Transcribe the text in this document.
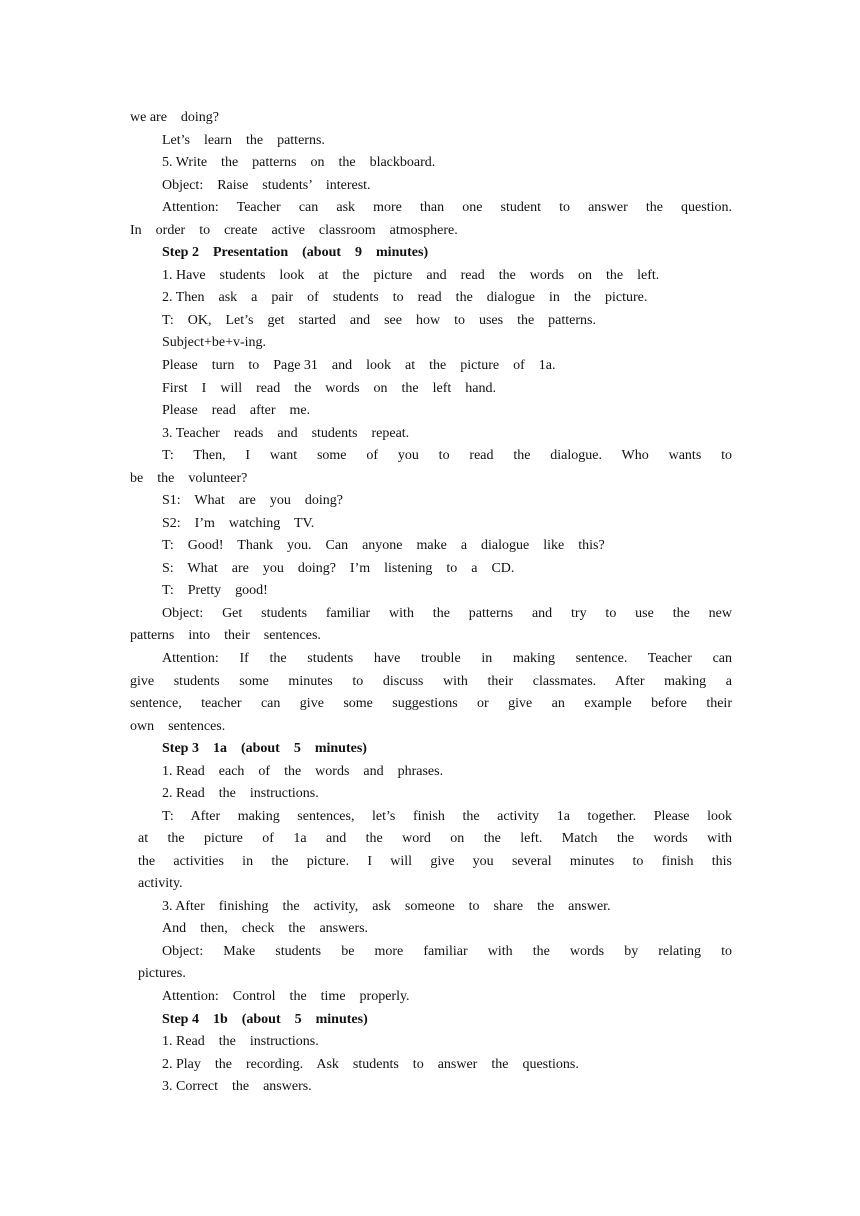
we are    doing?
Let’s    learn    the    patterns.
5. Write    the    patterns    on    the    blackboard.
Object:    Raise    students’    interest.
Attention: Teacher can ask more than one student to answer the question.
In    order    to    create    active    classroom    atmosphere.
Step 2    Presentation    (about    9    minutes)
1. Have    students    look    at    the    picture    and    read    the    words    on    the    left.
2. Then    ask    a    pair    of    students    to    read    the    dialogue    in    the    picture.
T:    OK,    Let’s    get    started    and    see    how    to    uses    the    patterns.
Subject+be+v-ing.
Please    turn    to    Page 31    and    look    at    the    picture    of    1a.
First    I    will    read    the    words    on    the    left    hand.
Please    read    after    me.
3. Teacher    reads    and    students    repeat.
T: Then, I want some of you to read the dialogue. Who wants to
be    the    volunteer?
S1:    What    are    you    doing?
S2:    I’m    watching    TV.
T:    Good!    Thank    you.    Can    anyone    make    a    dialogue    like    this?
S:    What    are    you    doing?    I’m    listening    to    a    CD.
T:    Pretty    good!
Object: Get students familiar with the patterns and try to use the new
patterns    into    their    sentences.
Attention: If the students have trouble in making sentence. Teacher can
give students some minutes to discuss with their classmates. After making a
sentence, teacher can give some suggestions or give an example before their
own    sentences.
Step 3    1a    (about    5    minutes)
1. Read    each    of    the    words    and    phrases.
2. Read    the    instructions.
T: After making sentences, let’s finish the activity 1a together. Please look
at the picture of 1a and the word on the left. Match the words with
the activities in the picture. I will give you several minutes to finish this
activity.
3. After    finishing    the    activity,    ask    someone    to    share    the    answer.
And    then,    check    the    answers.
Object: Make students be more familiar with the words by relating to
pictures.
Attention:    Control    the    time    properly.
Step 4    1b    (about    5    minutes)
1. Read    the    instructions.
2. Play    the    recording.    Ask    students    to    answer    the    questions.
3. Correct    the    answers.
